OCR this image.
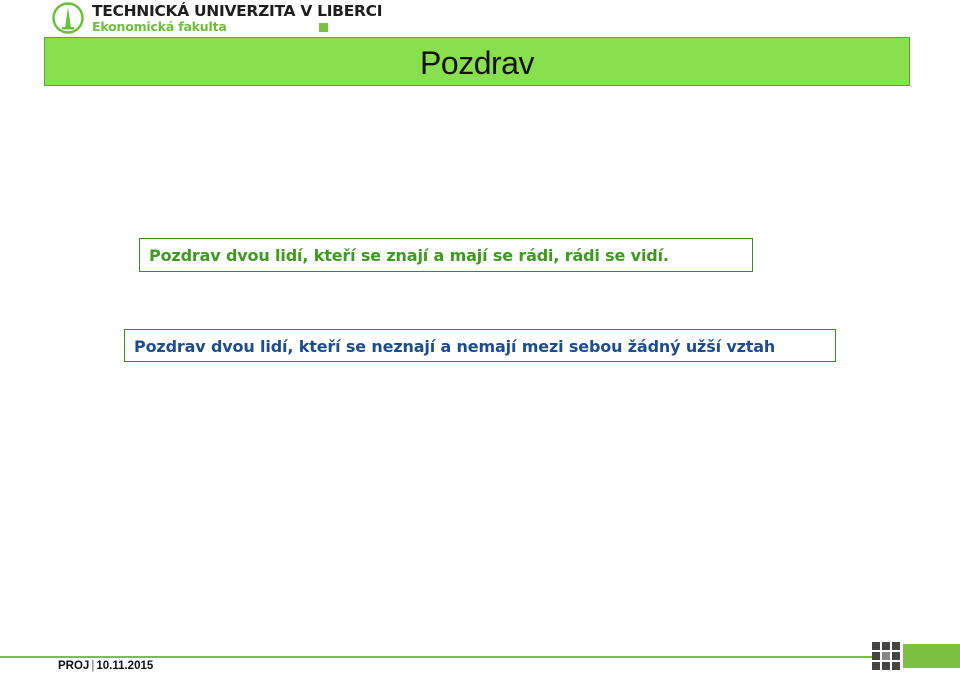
TECHNICKÁ UNIVERZITA V LIBERCI
Ekonomická fakulta
Pozdrav
Pozdrav dvou lidí, kteří se znají a mají se rádi, rádi se vidí.
Pozdrav dvou lidí, kteří se neznají a nemají mezi sebou žádný užší vztah
PROJ | 10.11.2015
